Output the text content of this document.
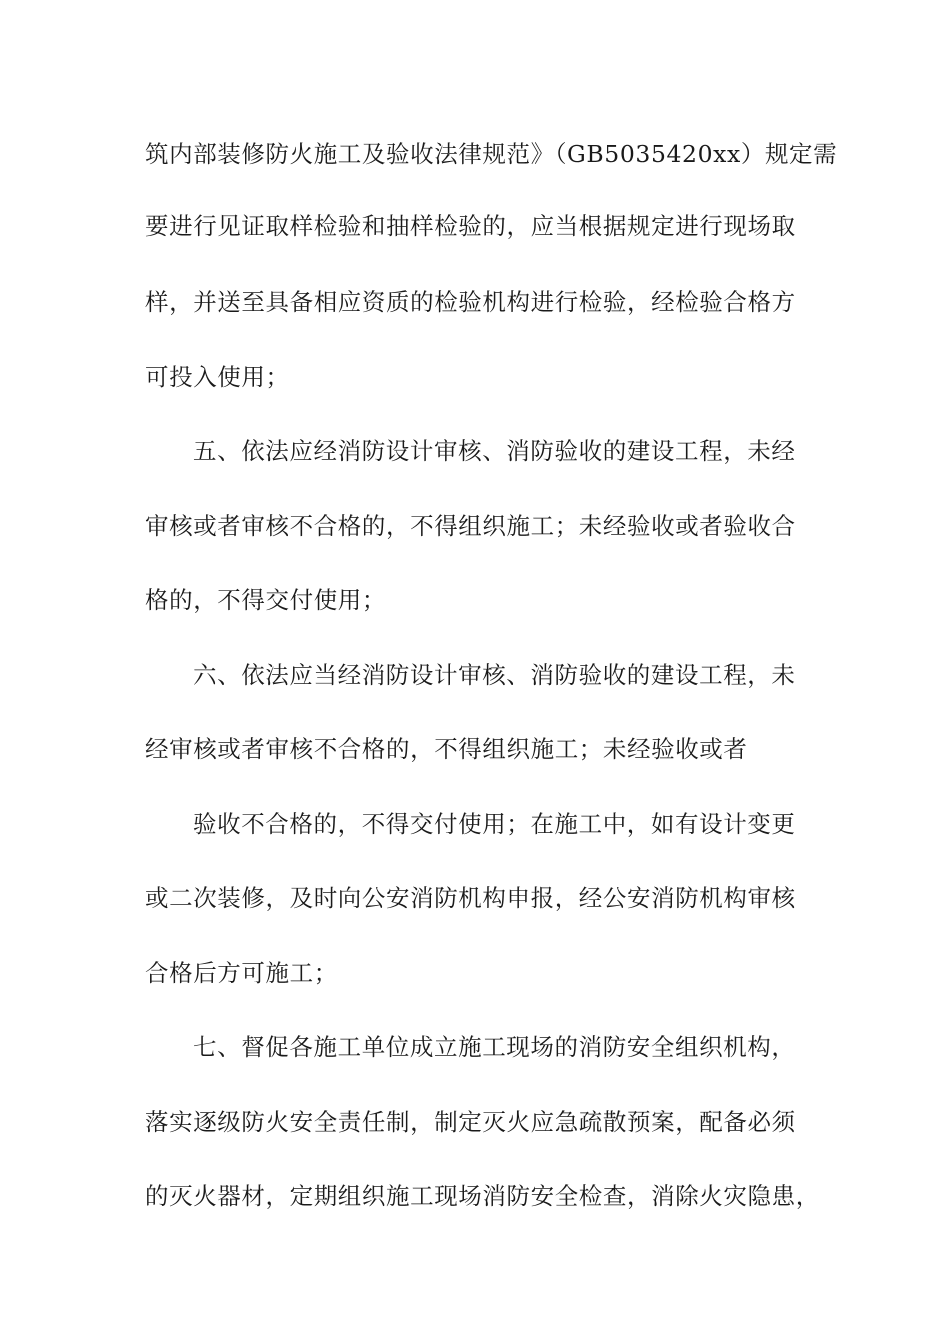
筑内部装修防火施工及验收法律规范》（GB5035420xx）规定需
要进行见证取样检验和抽样检验的，应当根据规定进行现场取
样，并送至具备相应资质的检验机构进行检验，经检验合格方
可投入使用；
五、依法应经消防设计审核、消防验收的建设工程，未经
审核或者审核不合格的，不得组织施工；未经验收或者验收合
格的，不得交付使用；
六、依法应当经消防设计审核、消防验收的建设工程，未
经审核或者审核不合格的，不得组织施工；未经验收或者
验收不合格的，不得交付使用；在施工中，如有设计变更
或二次装修，及时向公安消防机构申报，经公安消防机构审核
合格后方可施工；
七、督促各施工单位成立施工现场的消防安全组织机构，
落实逐级防火安全责任制，制定灭火应急疏散预案，配备必须
的灭火器材，定期组织施工现场消防安全检查，消除火灾隐患，
